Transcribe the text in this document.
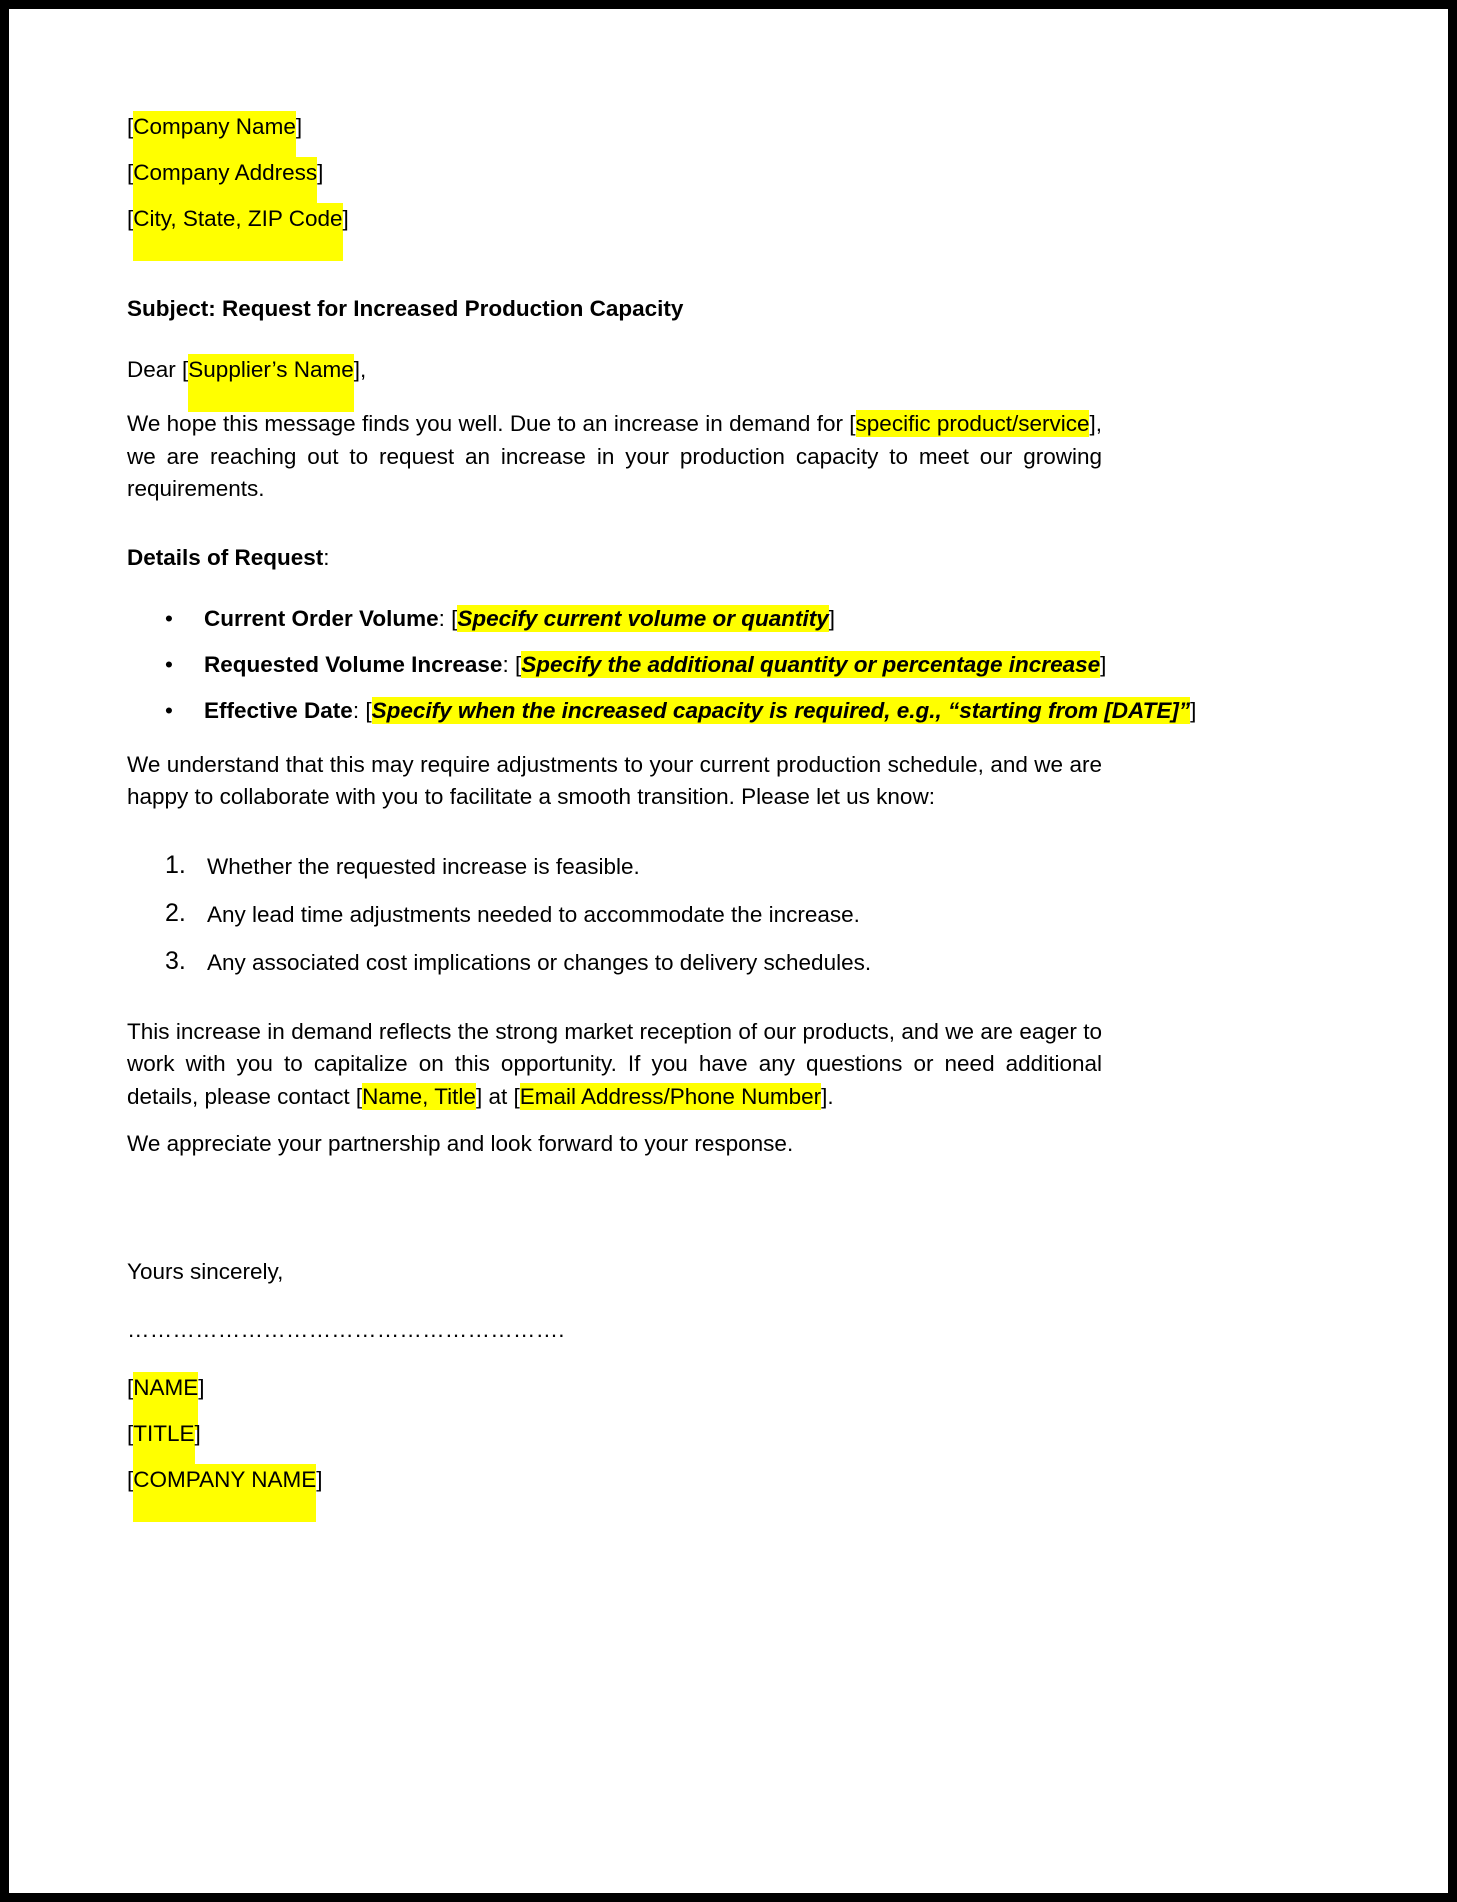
[Company Name]
[Company Address]
[City, State, ZIP Code]
Subject: Request for Increased Production Capacity
Dear [Supplier’s Name],

We hope this message finds you well. Due to an increase in demand for [specific product/service], we are reaching out to request an increase in your production capacity to meet our growing requirements.

Details of Request:
• Current Order Volume: [Specify current volume or quantity]
• Requested Volume Increase: [Specify the additional quantity or percentage increase]
• Effective Date: [Specify when the increased capacity is required, e.g., “starting from [DATE]”]

We understand that this may require adjustments to your current production schedule, and we are happy to collaborate with you to facilitate a smooth transition. Please let us know:

1. Whether the requested increase is feasible.
2. Any lead time adjustments needed to accommodate the increase.
3. Any associated cost implications or changes to delivery schedules.

This increase in demand reflects the strong market reception of our products, and we are eager to work with you to capitalize on this opportunity. If you have any questions or need additional details, please contact [Name, Title] at [Email Address/Phone Number].

We appreciate your partnership and look forward to your response.

Yours sincerely,
………………………………………………….
[NAME]
[TITLE]
[COMPANY NAME]
